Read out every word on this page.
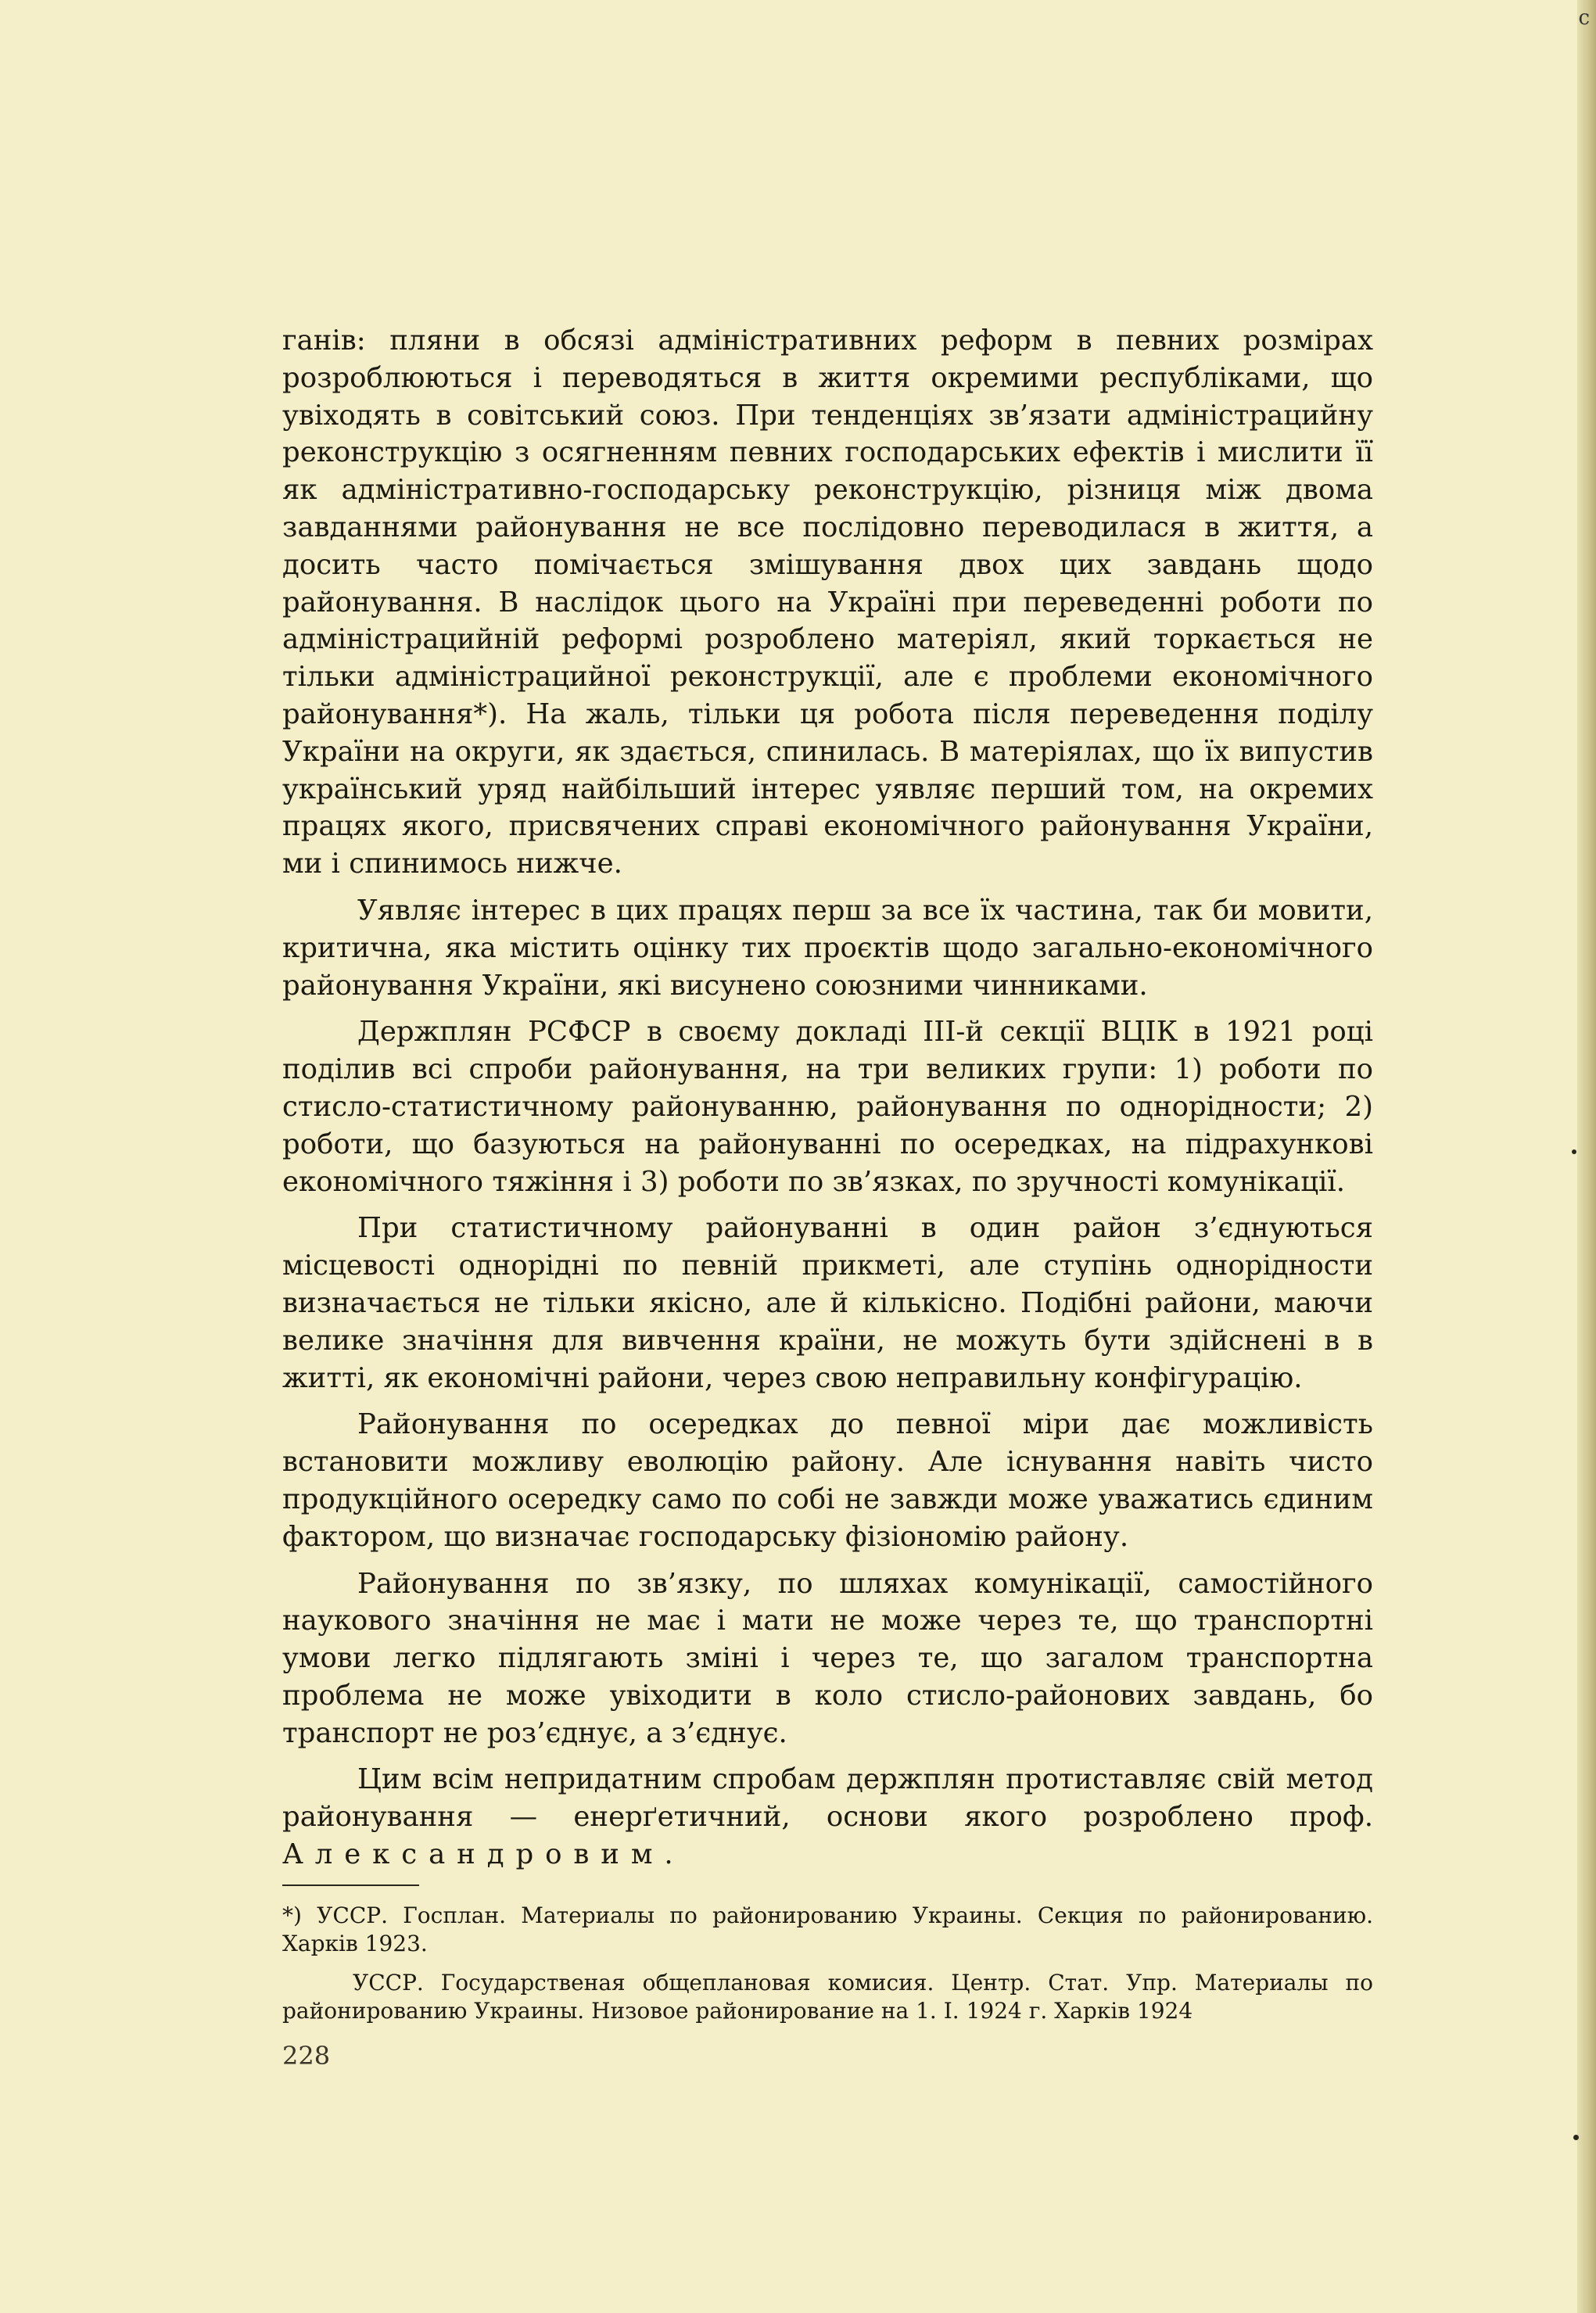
с

ганів: пляни в обсязі адміністративних реформ в певних розмірах розроблюються і переводяться в життя окремими республіками, що увіходять в совітський союз. При тенденціях зв’язати адміністрацийну реконструкцію з осягненням певних господарських ефектів і мислити її як адміністративно-господарську реконструкцію, різниця між двома завданнями районування не все послідовно переводилася в життя, а досить часто помічається змішування двох цих завдань щодо районування. В наслідок цього на Україні при переведенні роботи по адміністрацийній реформі розроблено матеріял, який торкається не тільки адміністрацийної реконструкції, але є проблеми економічного районування*). На жаль, тільки ця робота після переведення поділу України на округи, як здається, спинилась. В матеріялах, що їх випустив український уряд найбільший інтерес уявляє перший том, на окремих працях якого, присвячених справі економічного районування України, ми і спинимось нижче.

Уявляє інтерес в цих працях перш за все їх частина, так би мовити, критична, яка містить оцінку тих проєктів щодо загально-економічного районування України, які висунено союзними чинниками.

Держплян РСФСР в своєму докладі III-й секції ВЦІК в 1921 році поділив всі спроби районування, на три великих групи: 1) роботи по стисло-статистичному районуванню, районування по однорідности; 2) роботи, що базуються на районуванні по осередках, на підрахункові економічного тяжіння і 3) роботи по зв’язках, по зручності комунікації.

При статистичному районуванні в один район з’єднуються місцевості однорідні по певній прикметі, але ступінь однорідности визначається не тільки якісно, але й кількісно. Подібні райони, маючи велике значіння для вивчення країни, не можуть бути здійснені в в житті, як економічні райони, через свою неправильну конфігурацію.

Районування по осередках до певної міри дає можливість встановити можливу еволюцію району. Але існування навіть чисто продукційного осередку само по собі не завжди може уважатись єдиним фактором, що визначає господарську фізіономію району.

Районування по зв’язку, по шляхах комунікації, самостійного наукового значіння не має і мати не може через те, що транспортні умови легко підлягають зміні і через те, що загалом транспортна проблема не може увіходити в коло стисло-районових завдань, бо транспорт не роз’єднує, а з’єднує.

Цим всім непридатним спробам держплян протиставляє свій метод районування — енерґетичний, основи якого розроблено проф. Александровим.

*) УССР. Госплан. Материалы по районированию Украины. Секция по районированию. Харків 1923.

УССР. Государственая общеплановая комисия. Центр. Стат. Упр. Материалы по районированию Украины. Низовое районирование на 1. І. 1924 г. Харків 1924

228
